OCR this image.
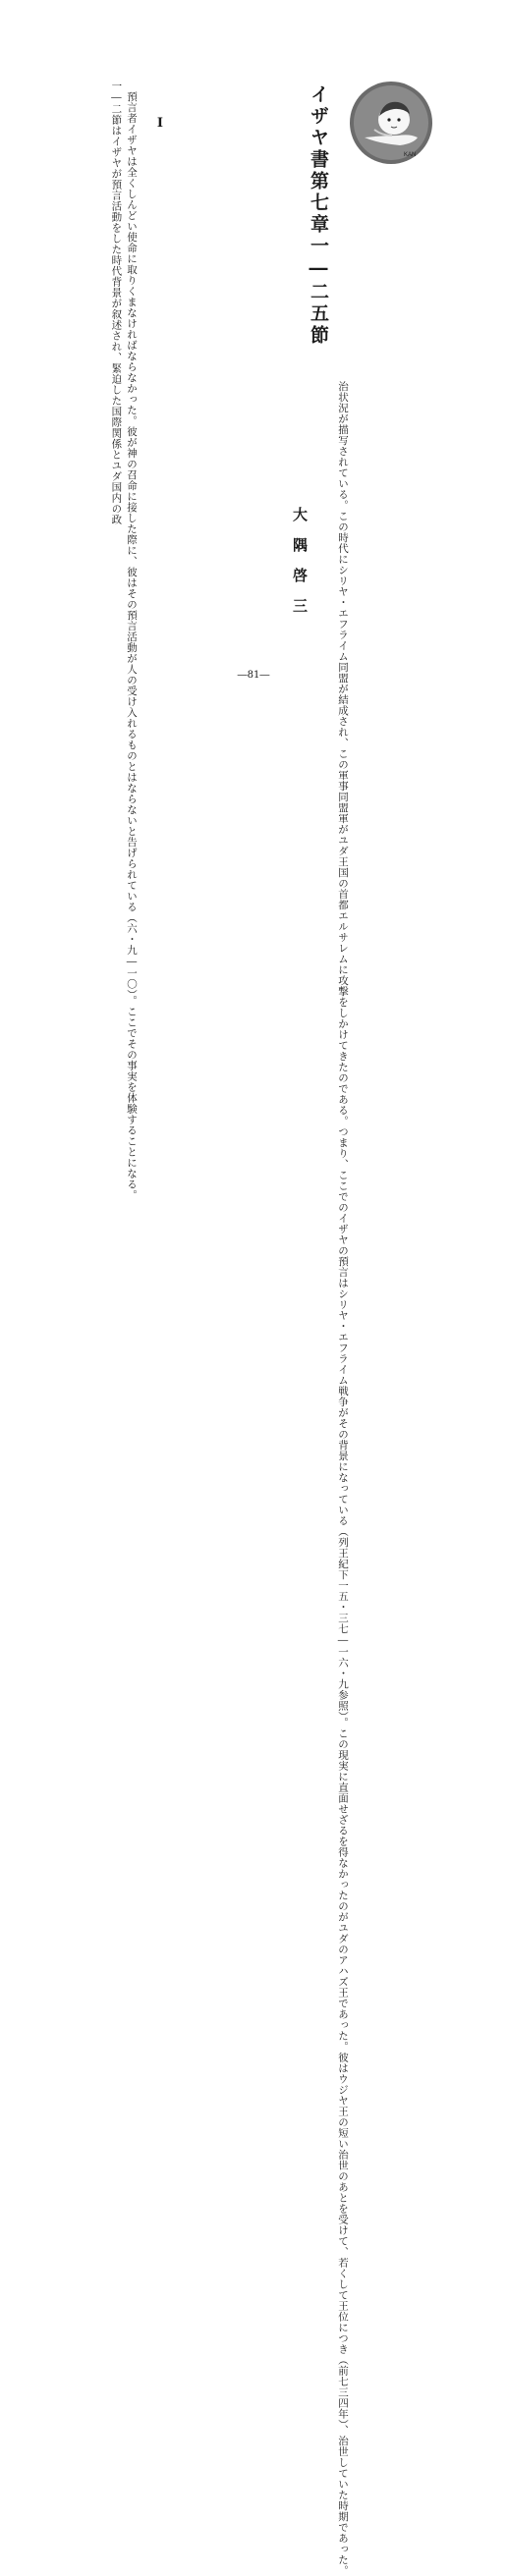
イザヤ書第七章一―二五節	KAN
I
　預言者イザヤは全くしんどい使命に取りくまなければならなかった。彼が神の召命に接した際に、彼はその預言活動が人の受け入れるものとはならないと告げられている（六・九―一〇）。ここでその事実を体験することになる。
一―二節はイザヤが預言活動をした時代背景が叙述され、緊迫した国際関係とユダ国内の政
治状況が描写されている。この時代にシリヤ・エフライム同盟が結成され、この軍事同盟軍がユダ王国の首都エルサレムに攻撃をしかけてきたのである。つまり、ここでのイザヤの預言はシリヤ・エフライム戦争がその背景になっている（列王紀下一五・三七―一六・九参照）。この現実に直面せざるを得なかったのがユダのアハズ王であった。彼はウジヤ王の短い治世のあとを受けて、若くして王位につき（前七三四年）、治世していた時期であった。
大隅啓三
―81―
